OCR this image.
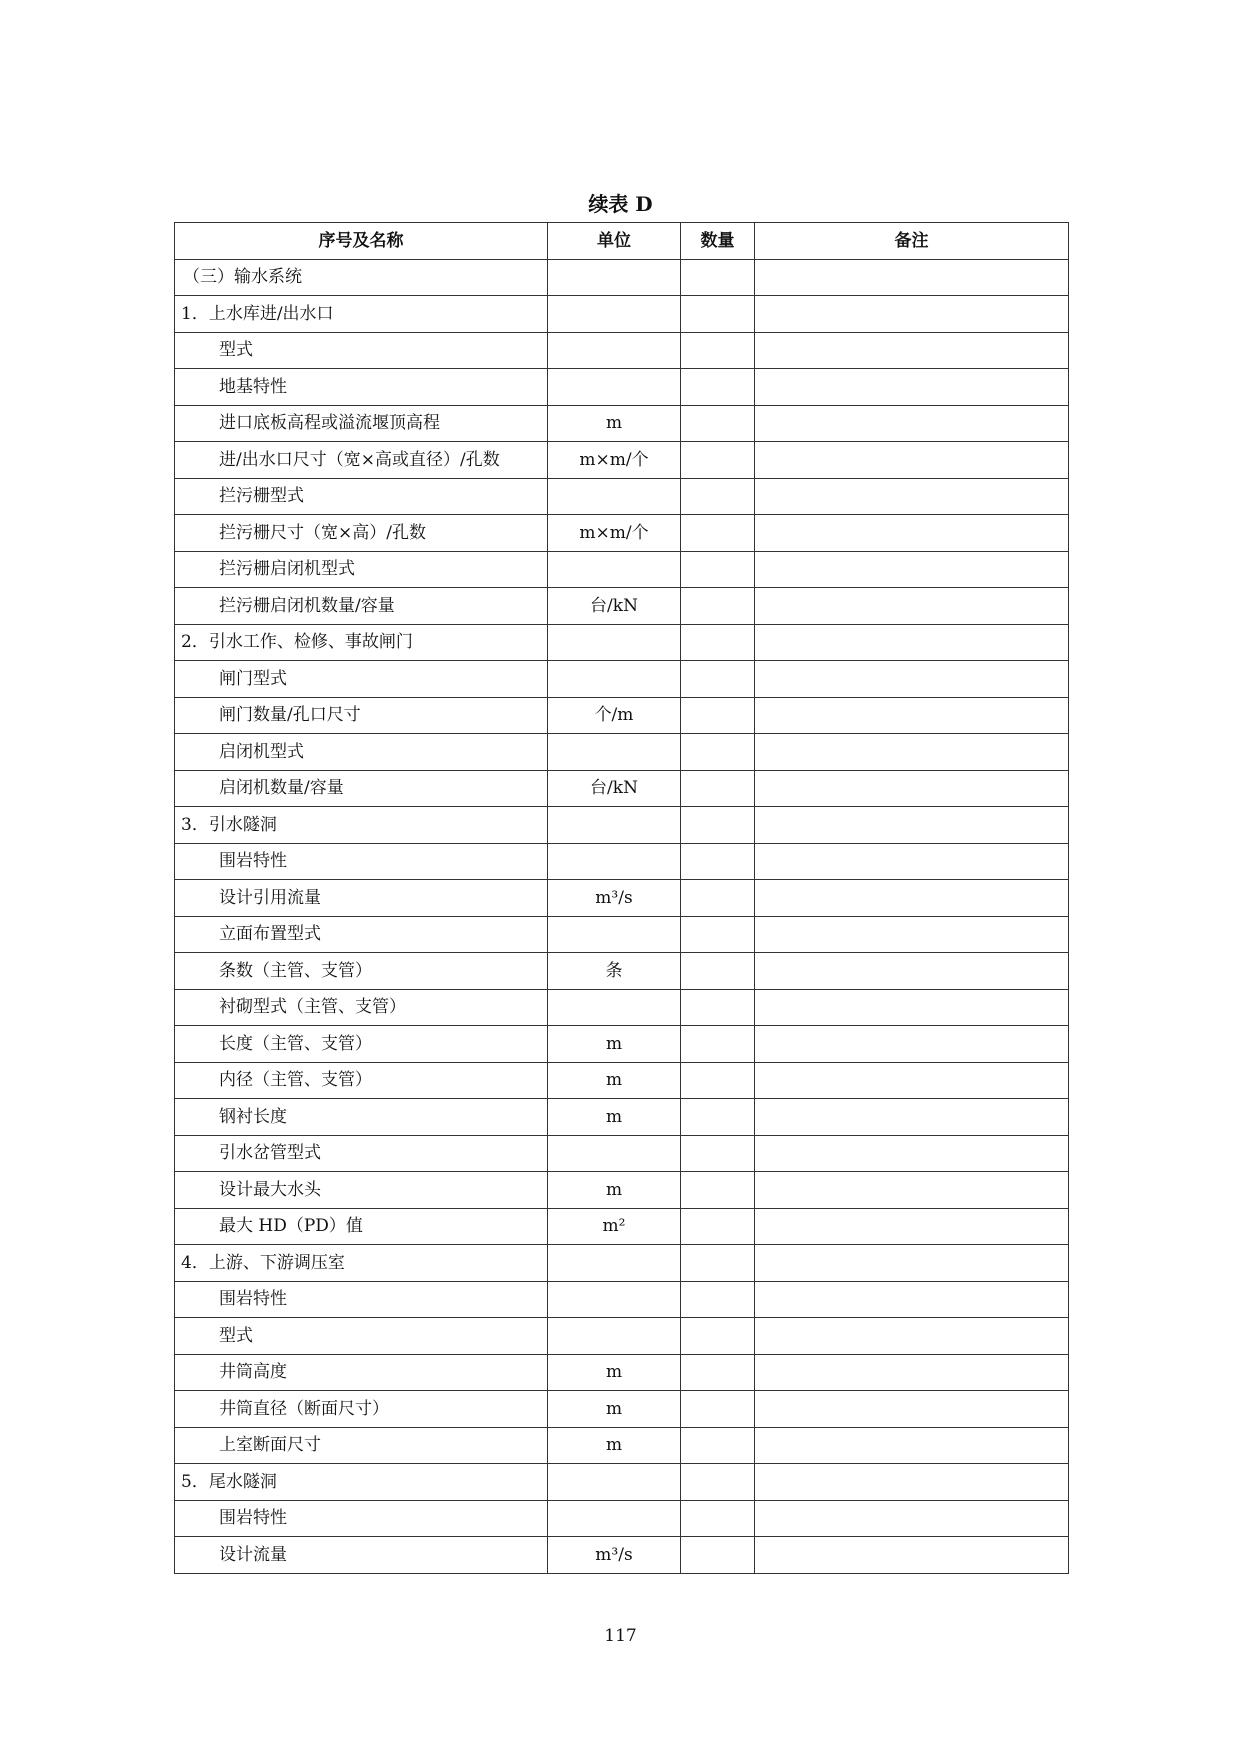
续表 D
序号及名称	单位	数量	备注
（三）输水系统			
1．上水库进/出水口			
型式			
地基特性			
进口底板高程或溢流堰顶高程	m		
进/出水口尺寸（宽×高或直径）/孔数	m×m/个		
拦污栅型式			
拦污栅尺寸（宽×高）/孔数	m×m/个		
拦污栅启闭机型式			
拦污栅启闭机数量/容量	台/kN		
2．引水工作、检修、事故闸门			
闸门型式			
闸门数量/孔口尺寸	个/m		
启闭机型式			
启闭机数量/容量	台/kN		
3．引水隧洞			
围岩特性			
设计引用流量	m³/s		
立面布置型式			
条数（主管、支管）	条		
衬砌型式（主管、支管）			
长度（主管、支管）	m		
内径（主管、支管）	m		
钢衬长度	m		
引水岔管型式			
设计最大水头	m		
最大 HD（PD）值	m²		
4．上游、下游调压室			
围岩特性			
型式			
井筒高度	m		
井筒直径（断面尺寸）	m		
上室断面尺寸	m		
5．尾水隧洞			
围岩特性			
设计流量	m³/s		
117
